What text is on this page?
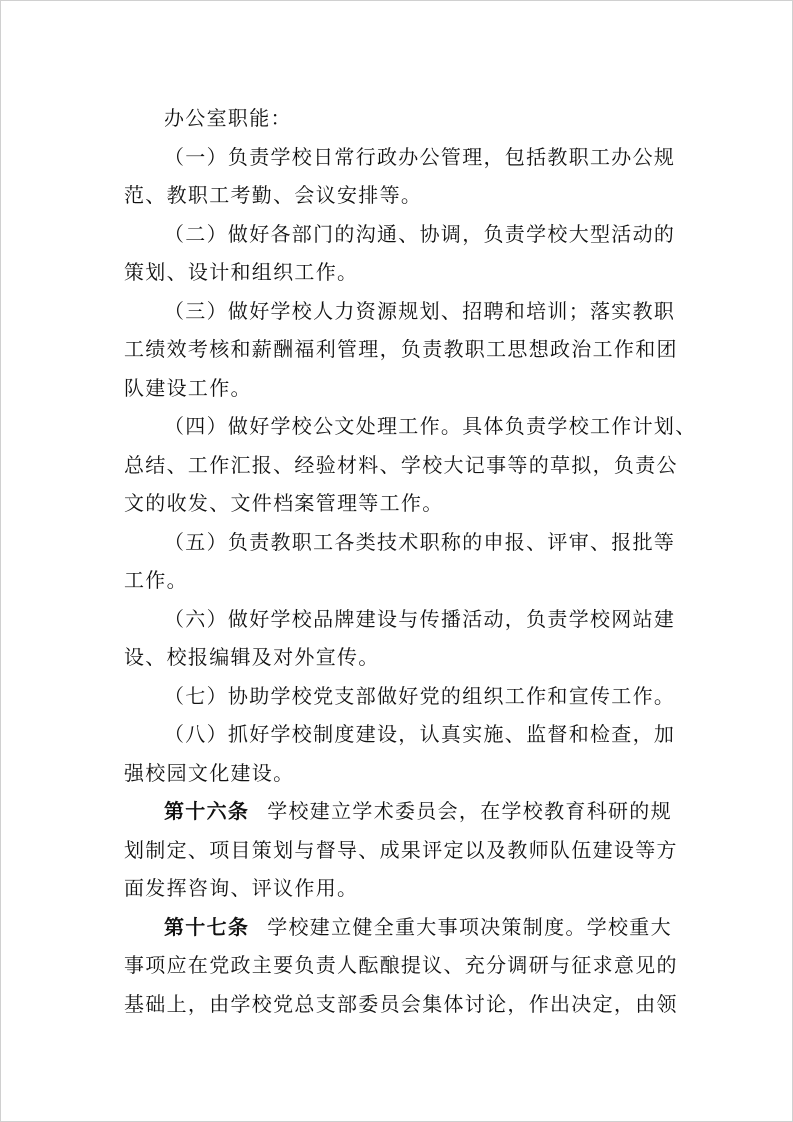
办公室职能：

（一）负责学校日常行政办公管理，包括教职工办公规
范、教职工考勤、会议安排等。

（二）做好各部门的沟通、协调，负责学校大型活动的
策划、设计和组织工作。

（三）做好学校人力资源规划、招聘和培训；落实教职
工绩效考核和薪酬福利管理，负责教职工思想政治工作和团
队建设工作。

（四）做好学校公文处理工作。具体负责学校工作计划、
总结、工作汇报、经验材料、学校大记事等的草拟，负责公
文的收发、文件档案管理等工作。

（五）负责教职工各类技术职称的申报、评审、报批等
工作。

（六）做好学校品牌建设与传播活动，负责学校网站建
设、校报编辑及对外宣传。

（七）协助学校党支部做好党的组织工作和宣传工作。

（八）抓好学校制度建设，认真实施、监督和检查，加
强校园文化建设。

第十六条 学校建立学术委员会，在学校教育科研的规
划制定、项目策划与督导、成果评定以及教师队伍建设等方
面发挥咨询、评议作用。

第十七条 学校建立健全重大事项决策制度。学校重大
事项应在党政主要负责人酝酿提议、充分调研与征求意见的
基础上，由学校党总支部委员会集体讨论，作出决定，由领
